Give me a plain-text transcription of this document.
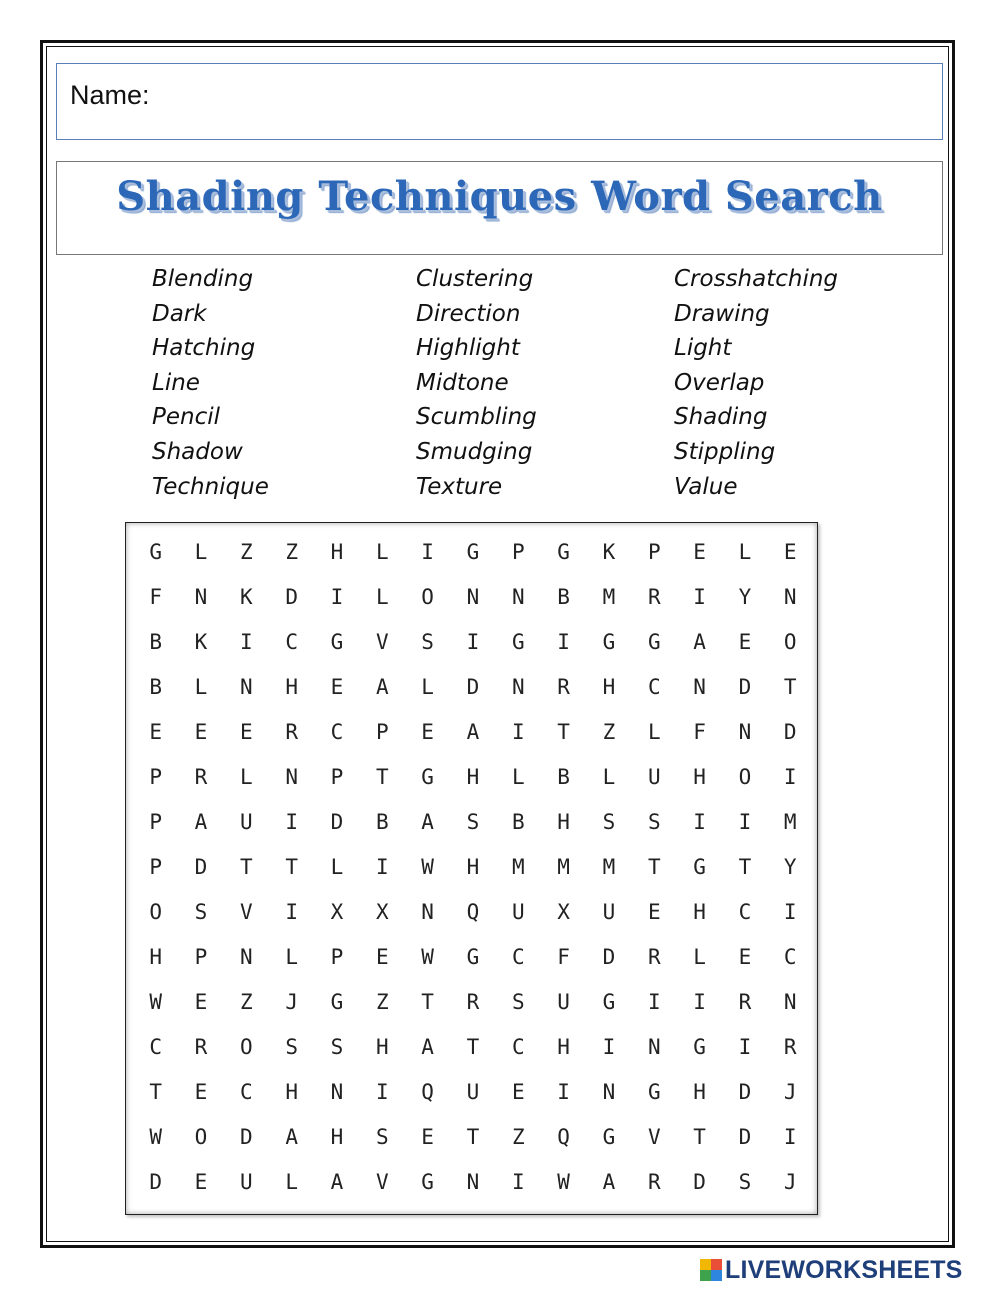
Name:
Shading Techniques Word Search
Blending
Dark
Hatching
Line
Pencil
Shadow
Technique
Clustering
Direction
Highlight
Midtone
Scumbling
Smudging
Texture
Crosshatching
Drawing
Light
Overlap
Shading
Stippling
Value
G	L	Z	Z	H	L	I	G	P	G	K	P	E	L	E
F	N	K	D	I	L	O	N	N	B	M	R	I	Y	N
B	K	I	C	G	V	S	I	G	I	G	G	A	E	O
B	L	N	H	E	A	L	D	N	R	H	C	N	D	T
E	E	E	R	C	P	E	A	I	T	Z	L	F	N	D
P	R	L	N	P	T	G	H	L	B	L	U	H	O	I
P	A	U	I	D	B	A	S	B	H	S	S	I	I	M
P	D	T	T	L	I	W	H	M	M	M	T	G	T	Y
O	S	V	I	X	X	N	Q	U	X	U	E	H	C	I
H	P	N	L	P	E	W	G	C	F	D	R	L	E	C
W	E	Z	J	G	Z	T	R	S	U	G	I	I	R	N
C	R	O	S	S	H	A	T	C	H	I	N	G	I	R
T	E	C	H	N	I	Q	U	E	I	N	G	H	D	J
W	O	D	A	H	S	E	T	Z	Q	G	V	T	D	I
D	E	U	L	A	V	G	N	I	W	A	R	D	S	J
LIVEWORKSHEETS
